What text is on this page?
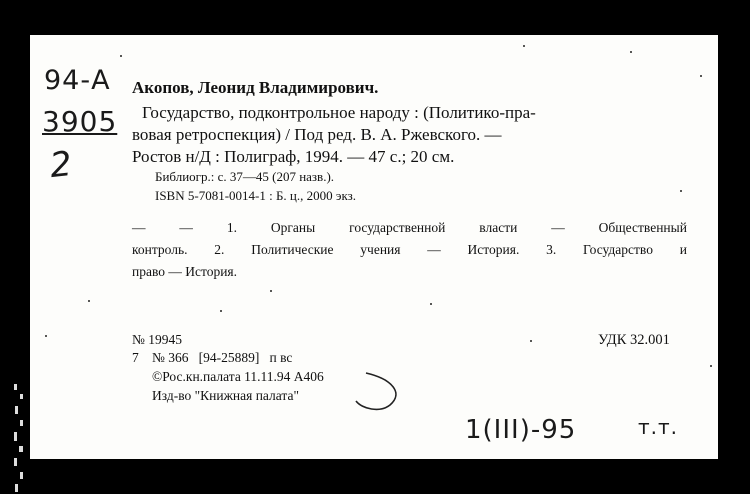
94-А
3905
2
Акопов, Леонид Владимирович.
Государство, подконтрольное народу : (Политико-пра-
вовая ретроспекция) / Под ред. В. А. Ржевского. —
Ростов н/Д : Полиграф, 1994. — 47 с.; 20 см.
Библиогр.: с. 37—45 (207 назв.).
ISBN 5-7081-0014-1 : Б. ц., 2000 экз.
—	—	1.	Органы	государственной	власти	—	Общественный
контроль. 2. Политические учения — История. 3. Государство и
право — История.
№ 19945	УДК 32.001
7 № 366   [94-25889]   п вс
©Рос.кн.палата 11.11.94 А406
Изд-во "Книжная палата"
1(ІІІ)-95	т.т.
